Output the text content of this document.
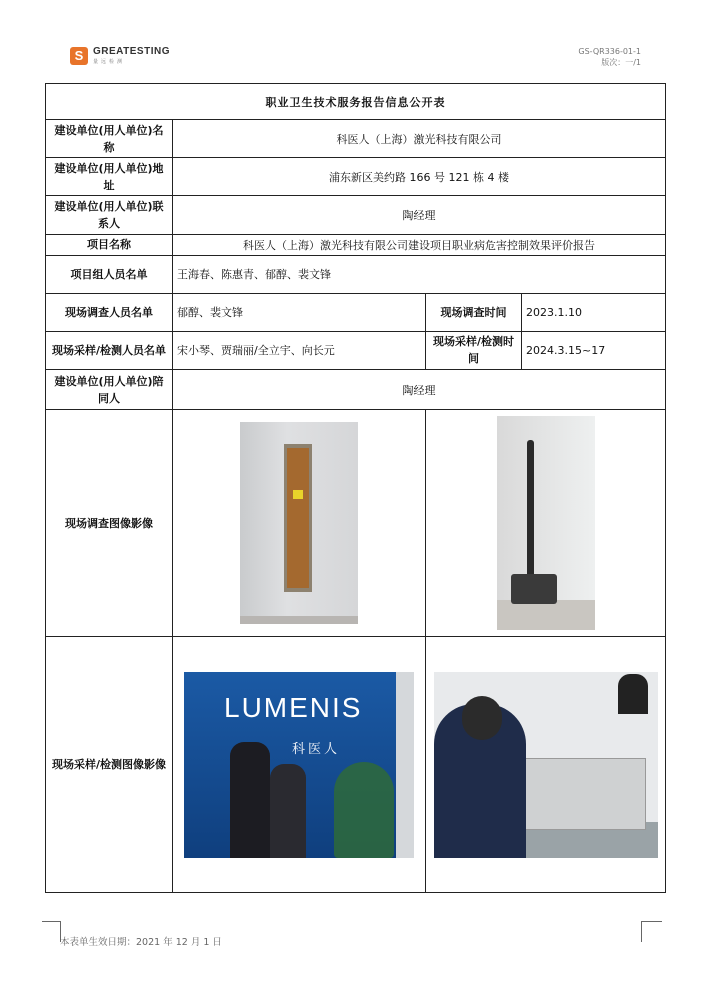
S GREATESTING
量远检测
GS-QR336-01-1
版次：一/1
职业卫生技术服务报告信息公开表			
建设单位(用人单位)名称	科医人（上海）激光科技有限公司		
建设单位(用人单位)地址	浦东新区美约路 166 号 121 栋 4 楼		
建设单位(用人单位)联系人	陶经理		
项目名称	科医人（上海）激光科技有限公司建设项目职业病危害控制效果评价报告		
项目组人员名单	王海春、陈惠青、郁醇、裴文锋		
现场调查人员名单	郁醇、裴文锋	现场调查时间	2023.1.10
现场采样/检测人员名单	宋小琴、贾瑞丽/全立宇、向长元	现场采样/检测时间	2024.3.15~17
建设单位(用人单位)陪同人	陶经理		
现场调查图像影像		

现场采样/检测图像影像	LUMENIS
科医人		

本表单生效日期：2021 年 12 月 1 日
